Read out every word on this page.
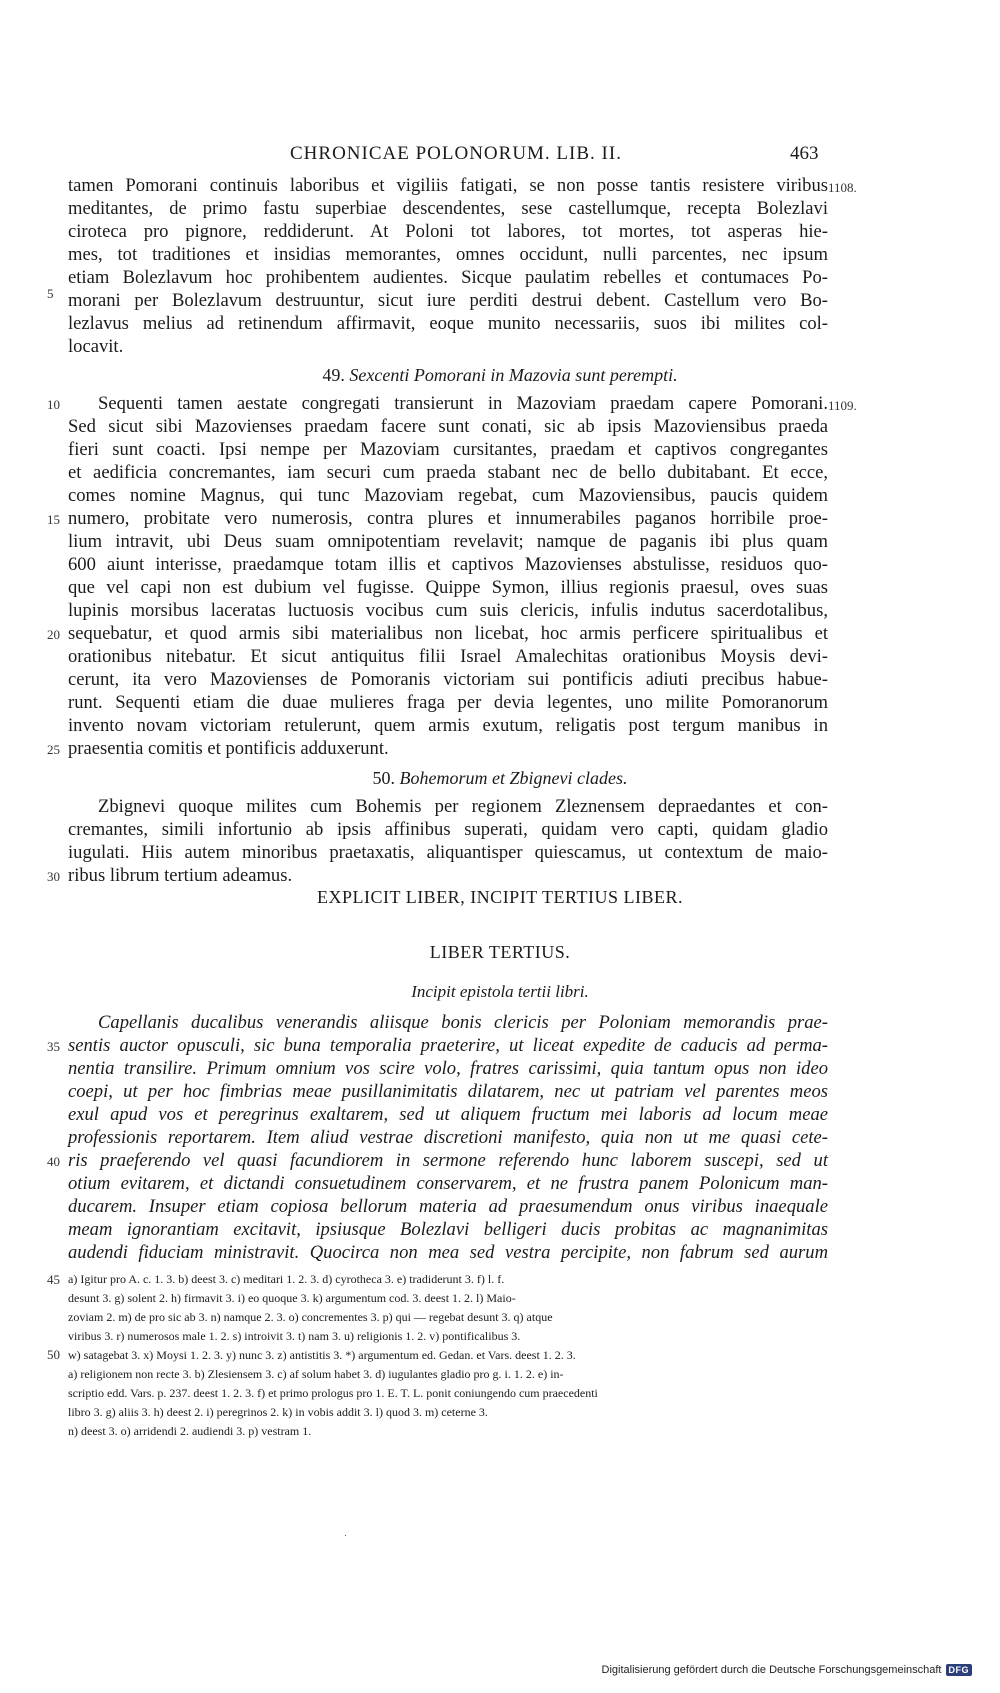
CHRONICAE POLONORUM. LIB. II.	463
tamen Pomorani continuis laboribus et vigiliis fatigati, se non posse tantis resistere viribus
meditantes, de primo fastu superbiae descendentes, sese castellumque, recepta Bolezlavi
ciroteca pro pignore, reddiderunt. At Poloni tot labores, tot mortes, tot asperas hie-
mes, tot traditiones et insidias memorantes, omnes occidunt, nulli parcentes, nec ipsum
etiam Bolezlavum hoc prohibentem audientes. Sicque paulatim rebelles et contumaces Po-
morani per Bolezlavum destruuntur, sicut iure perditi destrui debent. Castellum vero Bo-
lezlavus melius ad retinendum affirmavit, eoque munito necessariis, suos ibi milites col-
locavit.
49. Sexcenti Pomorani in Mazovia sunt perempti.
Sequenti tamen aestate congregati transierunt in Mazoviam praedam capere Pomorani.
Sed sicut sibi Mazovienses praedam facere sunt conati, sic ab ipsis Mazoviensibus praeda
fieri sunt coacti. Ipsi nempe per Mazoviam cursitantes, praedam et captivos congregantes
et aedificia concremantes, iam securi cum praeda stabant nec de bello dubitabant. Et ecce,
comes nomine Magnus, qui tunc Mazoviam regebat, cum Mazoviensibus, paucis quidem
numero, probitate vero numerosis, contra plures et innumerabiles paganos horribile proe-
lium intravit, ubi Deus suam omnipotentiam revelavit; namque de paganis ibi plus quam
600 aiunt interisse, praedamque totam illis et captivos Mazovienses abstulisse, residuos quo-
que vel capi non est dubium vel fugisse. Quippe Symon, illius regionis praesul, oves suas
lupinis morsibus laceratas luctuosis vocibus cum suis clericis, infulis indutus sacerdotalibus,
sequebatur, et quod armis sibi materialibus non licebat, hoc armis perficere spiritualibus et
orationibus nitebatur. Et sicut antiquitus filii Israel Amalechitas orationibus Moysis devi-
cerunt, ita vero Mazovienses de Pomoranis victoriam sui pontificis adiuti precibus habue-
runt. Sequenti etiam die duae mulieres fraga per devia legentes, uno milite Pomoranorum
invento novam victoriam retulerunt, quem armis exutum, religatis post tergum manibus in
praesentia comitis et pontificis adduxerunt.
50. Bohemorum et Zbignevi clades.
Zbignevi quoque milites cum Bohemis per regionem Zleznensem depraedantes et con-
cremantes, simili infortunio ab ipsis affinibus superati, quidam vero capti, quidam gladio
iugulati. Hiis autem minoribus praetaxatis, aliquantisper quiescamus, ut contextum de maio-
ribus librum tertium adeamus.
EXPLICIT LIBER, INCIPIT TERTIUS LIBER.
LIBER TERTIUS.
Incipit epistola tertii libri.
Capellanis ducalibus venerandis aliisque bonis clericis per Poloniam memorandis prae-
sentis auctor opusculi, sic buna temporalia praeterire, ut liceat expedite de caducis ad perma-
nentia transilire. Primum omnium vos scire volo, fratres carissimi, quia tantum opus non ideo
coepi, ut per hoc fimbrias meae pusillanimitatis dilatarem, nec ut patriam vel parentes meos
exul apud vos et peregrinus exaltarem, sed ut aliquem fructum mei laboris ad locum meae
professionis reportarem. Item aliud vestrae discretioni manifesto, quia non ut me quasi cete-
ris praeferendo vel quasi facundiorem in sermone referendo hunc laborem suscepi, sed ut
otium evitarem, et dictandi consuetudinem conservarem, et ne frustra panem Polonicum man-
ducarem. Insuper etiam copiosa bellorum materia ad praesumendum onus viribus inaequale
meam ignorantiam excitavit, ipsiusque Bolezlavi belligeri ducis probitas ac magnanimitas
audendi fiduciam ministravit. Quocirca non mea sed vestra percipite, non fabrum sed aurum
5
10
15
20
25
30
35
40
45
50
1108.
1109.
a) Igitur pro A. c. 1. 3. b) deest 3. c) meditari 1. 2. 3. d) cyrotheca 3. e) tradiderunt 3. f) l. f.
desunt 3. g) solent 2. h) firmavit 3. i) eo quoque 3. k) argumentum cod. 3. deest 1. 2. l) Maio-
zoviam 2. m) de pro sic ab 3. n) namque 2. 3. o) concrementes 3. p) qui — regebat desunt 3. q) atque
viribus 3. r) numerosos male 1. 2. s) introivit 3. t) nam 3. u) religionis 1. 2. v) pontificalibus 3.
w) satagebat 3. x) Moysi 1. 2. 3. y) nunc 3. z) antistitis 3. *) argumentum ed. Gedan. et Vars. deest 1. 2. 3.
a) religionem non recte 3. b) Zlesiensem 3. c) af solum habet 3. d) iugulantes gladio pro g. i. 1. 2. e) in-
scriptio edd. Vars. p. 237. deest 1. 2. 3. f) et primo prologus pro 1. E. T. L. ponit coniungendo cum praecedenti
libro 3. g) aliis 3. h) deest 2. i) peregrinos 2. k) in vobis addit 3. l) quod 3. m) ceterne 3.
n) deest 3. o) arridendi 2. audiendi 3. p) vestram 1.
Digitalisierung gefördert durch die Deutsche Forschungsgemeinschaft DFG
